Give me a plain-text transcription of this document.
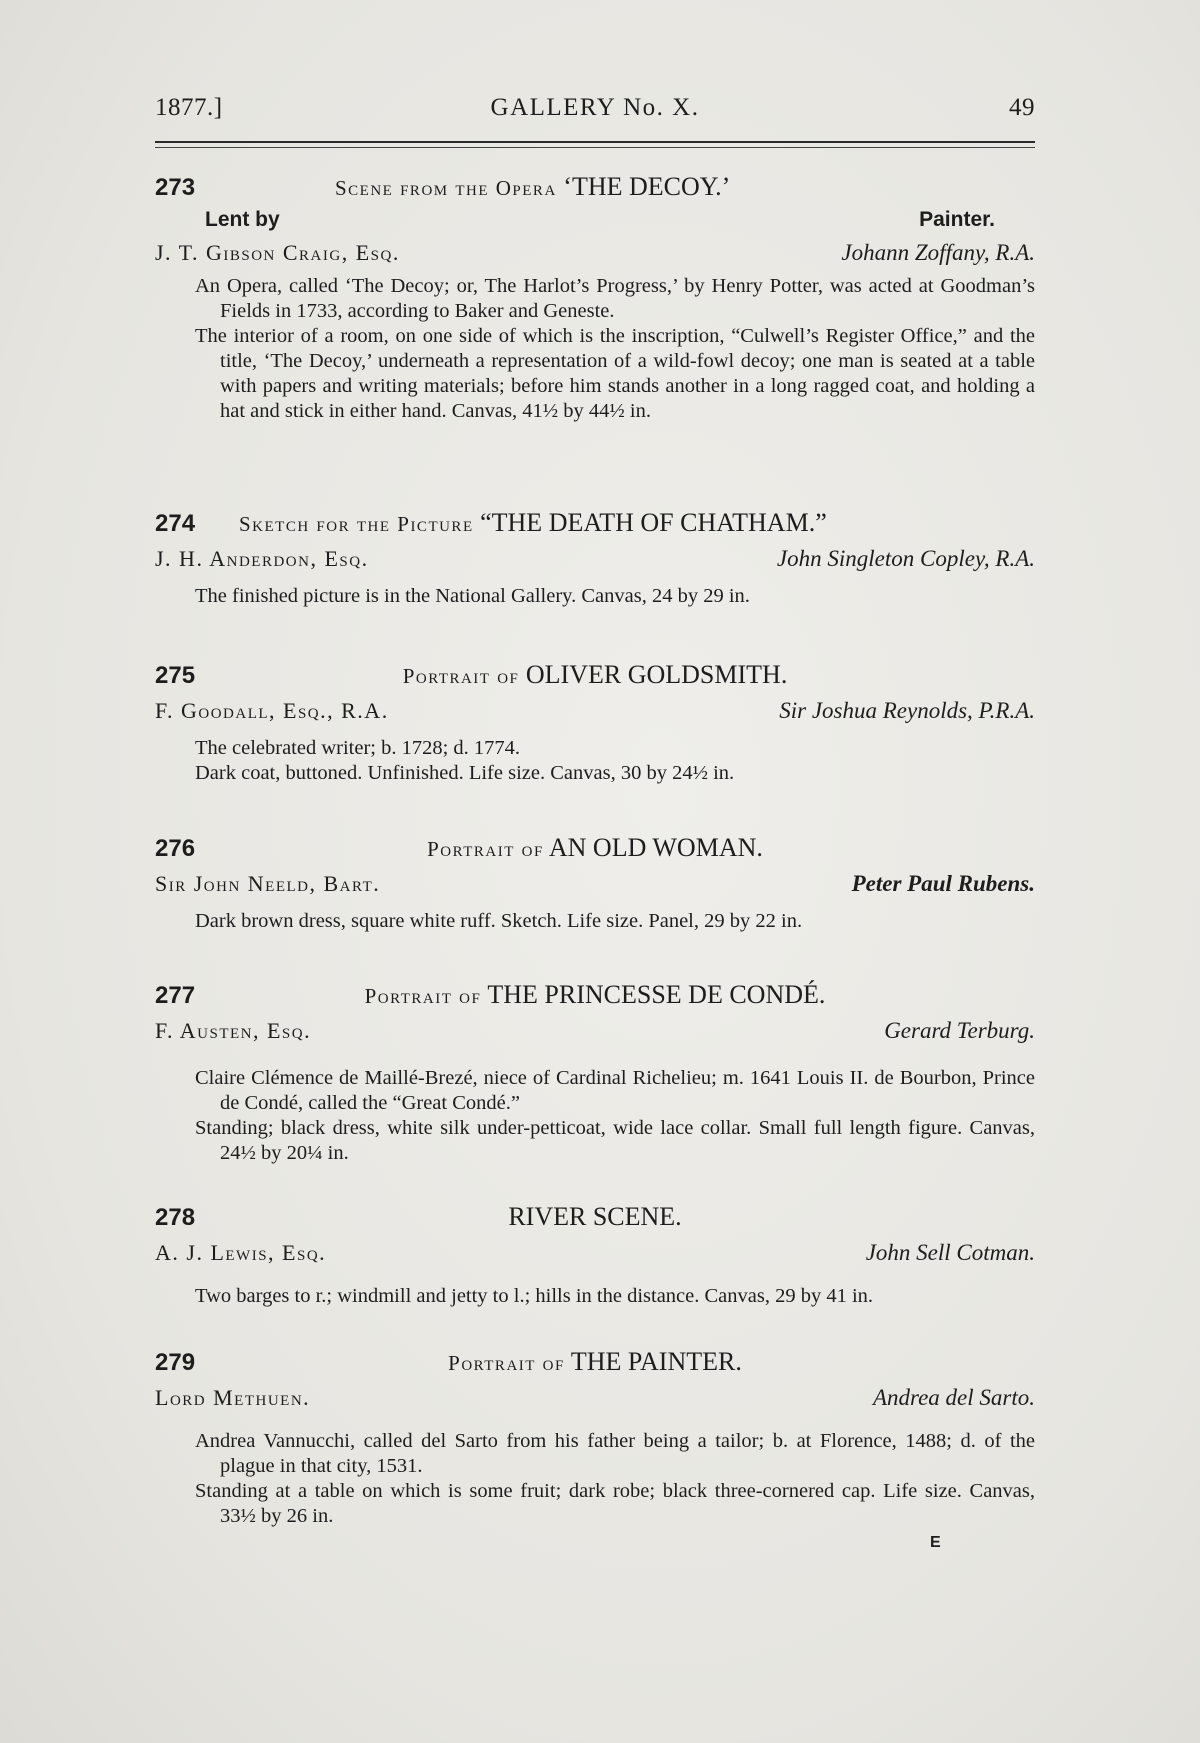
1877.]	GALLERY No. X.	49
273	Scene from the Opera ‘THE DECOY.’
Lent by	Painter.
J. T. Gibson Craig, Esq.	Johann Zoffany, R.A.

An Opera, called ‘The Decoy; or, The Harlot’s Progress,’ by Henry Potter, was acted at Goodman’s Fields in 1733, according to Baker and Geneste.

The interior of a room, on one side of which is the inscription, “Culwell’s Register Office,” and the title, ‘The Decoy,’ underneath a representation of a wild-fowl decoy; one man is seated at a table with papers and writing materials; before him stands another in a long ragged coat, and holding a hat and stick in either hand. Canvas, 41½ by 44½ in.

274 Sketch for the Picture “THE DEATH OF CHATHAM.”
J. H. Anderdon, Esq.	John Singleton Copley, R.A.

The finished picture is in the National Gallery. Canvas, 24 by 29 in.

275	Portrait of OLIVER GOLDSMITH.
F. Goodall, Esq., R.A.	Sir Joshua Reynolds, P.R.A.

The celebrated writer; b. 1728; d. 1774.

Dark coat, buttoned. Unfinished. Life size. Canvas, 30 by 24½ in.

276	Portrait of AN OLD WOMAN.
Sir John Neeld, Bart.	Peter Paul Rubens.

Dark brown dress, square white ruff. Sketch. Life size. Panel, 29 by 22 in.

277	Portrait of THE PRINCESSE DE CONDÉ.
F. Austen, Esq.	Gerard Terburg.

Claire Clémence de Maillé-Brezé, niece of Cardinal Richelieu; m. 1641 Louis II. de Bourbon, Prince de Condé, called the “Great Condé.”

Standing; black dress, white silk under-petticoat, wide lace collar. Small full length figure. Canvas, 24½ by 20¼ in.

278	RIVER SCENE.
A. J. Lewis, Esq.	John Sell Cotman.

Two barges to r.; windmill and jetty to l.; hills in the distance. Canvas, 29 by 41 in.

279	Portrait of THE PAINTER.
Lord Methuen.	Andrea del Sarto.

Andrea Vannucchi, called del Sarto from his father being a tailor; b. at Florence, 1488; d. of the plague in that city, 1531.

Standing at a table on which is some fruit; dark robe; black three-cornered cap. Life size. Canvas, 33½ by 26 in.

E
